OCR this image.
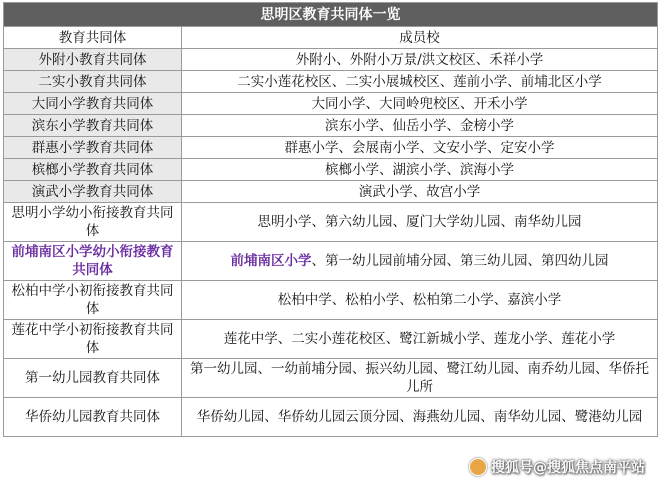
思明区教育共同体一览	
教育共同体	成员校
外附小教育共同体	外附小、外附小万景/洪文校区、禾祥小学
二实小教育共同体	二实小莲花校区、二实小展城校区、莲前小学、前埔北区小学
大同小学教育共同体	大同小学、大同岭兜校区、开禾小学
滨东小学教育共同体	滨东小学、仙岳小学、金榜小学
群惠小学教育共同体	群惠小学、会展南小学、文安小学、定安小学
槟榔小学教育共同体	槟榔小学、湖滨小学、滨海小学
演武小学教育共同体	演武小学、故宫小学
思明小学幼小衔接教育共同体	思明小学、第六幼儿园、厦门大学幼儿园、南华幼儿园
前埔南区小学幼小衔接教育共同体	前埔南区小学、第一幼儿园前埔分园、第三幼儿园、第四幼儿园
松柏中学小初衔接教育共同体	松柏中学、松柏小学、松柏第二小学、嘉滨小学
莲花中学小初衔接教育共同体	莲花中学、二实小莲花校区、鹭江新城小学、莲龙小学、莲花小学
第一幼儿园教育共同体	第一幼儿园、一幼前埔分园、振兴幼儿园、鹭江幼儿园、南乔幼儿园、华侨托儿所
华侨幼儿园教育共同体	华侨幼儿园、华侨幼儿园云顶分园、海燕幼儿园、南华幼儿园、鹭港幼儿园
搜狐号@搜狐焦点南平站
